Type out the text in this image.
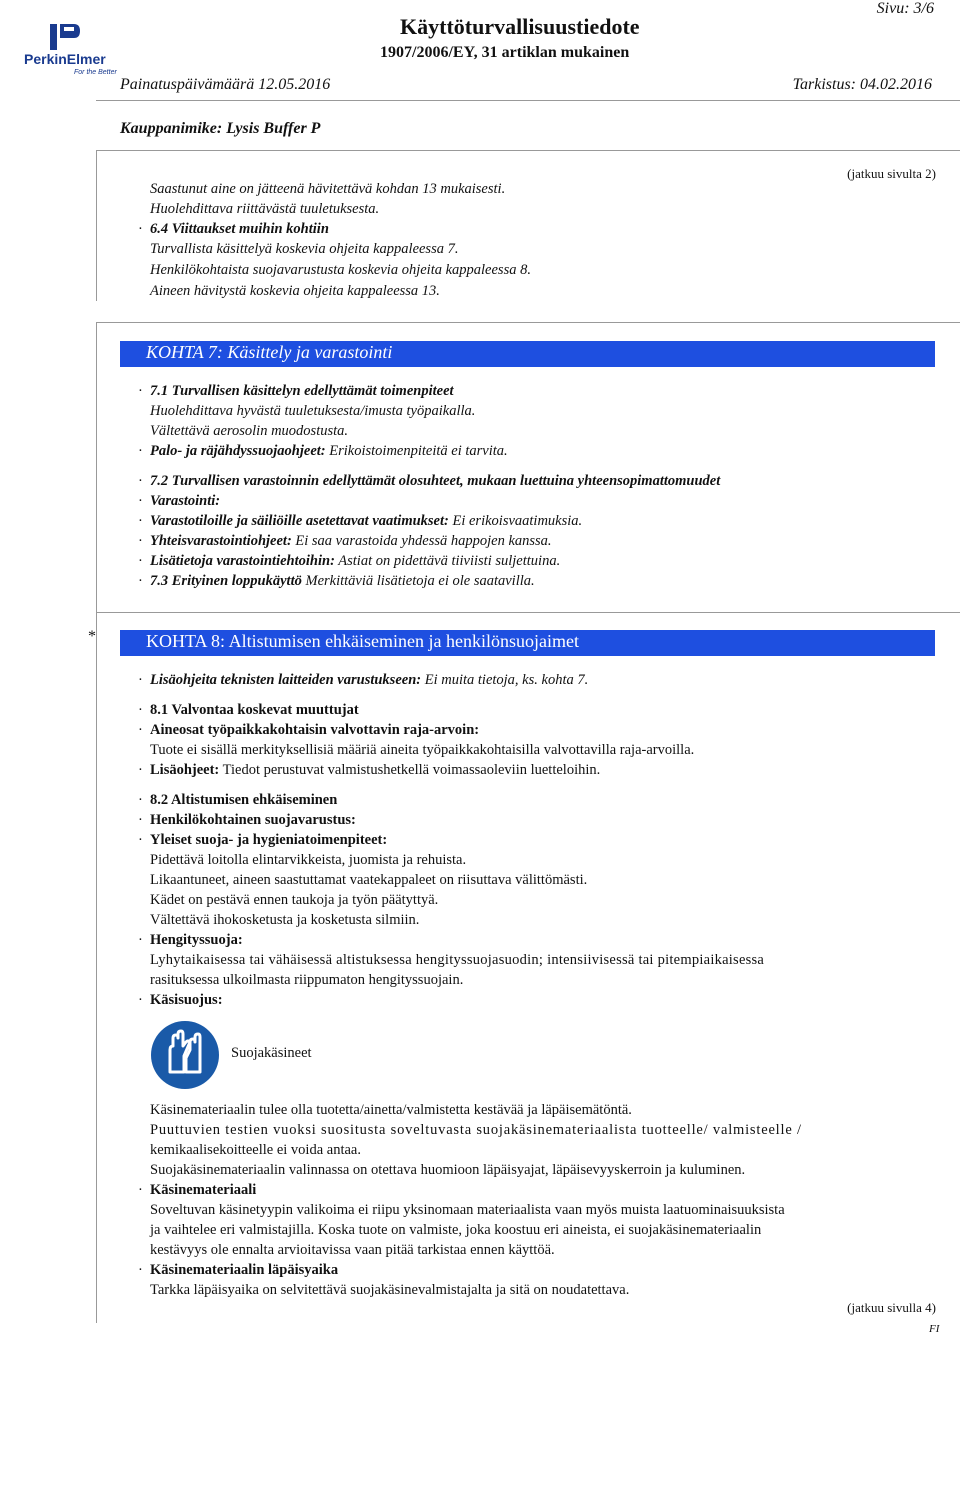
PerkinElmer
For the Better
Sivu: 3/6
Käyttöturvallisuustiedote
1907/2006/EY, 31 artiklan mukainen
Painatuspäivämäärä 12.05.2016	Tarkistus: 04.02.2016
Kauppanimike: Lysis Buffer P
(jatkuu sivulta 2)
Saastunut aine on jätteenä hävitettävä kohdan 13 mukaisesti.
Huolehdittava riittävästä tuuletuksesta.
· 6.4 Viittaukset muihin kohtiin
Turvallista käsittelyä koskevia ohjeita kappaleessa 7.
Henkilökohtaista suojavarustusta koskevia ohjeita kappaleessa 8.
Aineen hävitystä koskevia ohjeita kappaleessa 13.
KOHTA 7: Käsittely ja varastointi
· 7.1 Turvallisen käsittelyn edellyttämät toimenpiteet
Huolehdittava hyvästä tuuletuksesta/imusta työpaikalla.
Vältettävä aerosolin muodostusta.
· Palo- ja räjähdyssuojaohjeet: Erikoistoimenpiteitä ei tarvita.
· 7.2 Turvallisen varastoinnin edellyttämät olosuhteet, mukaan luettuina yhteensopimattomuudet
· Varastointi:
· Varastotiloille ja säiliöille asetettavat vaatimukset: Ei erikoisvaatimuksia.
· Yhteisvarastointiohjeet: Ei saa varastoida yhdessä happojen kanssa.
· Lisätietoja varastointiehtoihin: Astiat on pidettävä tiiviisti suljettuina.
· 7.3 Erityinen loppukäyttö Merkittäviä lisätietoja ei ole saatavilla.
*	KOHTA 8: Altistumisen ehkäiseminen ja henkilönsuojaimet
· Lisäohjeita teknisten laitteiden varustukseen: Ei muita tietoja, ks. kohta 7.
· 8.1 Valvontaa koskevat muuttujat
· Aineosat työpaikkakohtaisin valvottavin raja-arvoin:
Tuote ei sisällä merkityksellisiä määriä aineita työpaikkakohtaisilla valvottavilla raja-arvoilla.
· Lisäohjeet: Tiedot perustuvat valmistushetkellä voimassaoleviin luetteloihin.
· 8.2 Altistumisen ehkäiseminen
· Henkilökohtainen suojavarustus:
· Yleiset suoja- ja hygieniatoimenpiteet:
Pidettävä loitolla elintarvikkeista, juomista ja rehuista.
Likaantuneet, aineen saastuttamat vaatekappaleet on riisuttava välittömästi.
Kädet on pestävä ennen taukoja ja työn päätyttyä.
Vältettävä ihokosketusta ja kosketusta silmiin.
· Hengityssuoja:
Lyhytaikaisessa tai vähäisessä altistuksessa hengityssuojasuodin; intensiivisessä tai pitempiaikaisessa
rasituksessa ulkoilmasta riippumaton hengityssuojain.
· Käsisuojus:
Suojakäsineet
Käsinemateriaalin tulee olla tuotetta/ainetta/valmistetta kestävää ja läpäisemätöntä.
Puuttuvien testien vuoksi suositusta soveltuvasta suojakäsinemateriaalista tuotteelle/ valmisteelle /
kemikaalisekoitteelle ei voida antaa.
Suojakäsinemateriaalin valinnassa on otettava huomioon läpäisyajat, läpäisevyyskerroin ja kuluminen.
· Käsinemateriaali
Soveltuvan käsinetyypin valikoima ei riipu yksinomaan materiaalista vaan myös muista laatuominaisuuksista
ja vaihtelee eri valmistajilla. Koska tuote on valmiste, joka koostuu eri aineista, ei suojakäsinemateriaalin
kestävyys ole ennalta arvioitavissa vaan pitää tarkistaa ennen käyttöä.
· Käsinemateriaalin läpäisyaika
Tarkka läpäisyaika on selvitettävä suojakäsinevalmistajalta ja sitä on noudatettava.
(jatkuu sivulla 4)
FI
